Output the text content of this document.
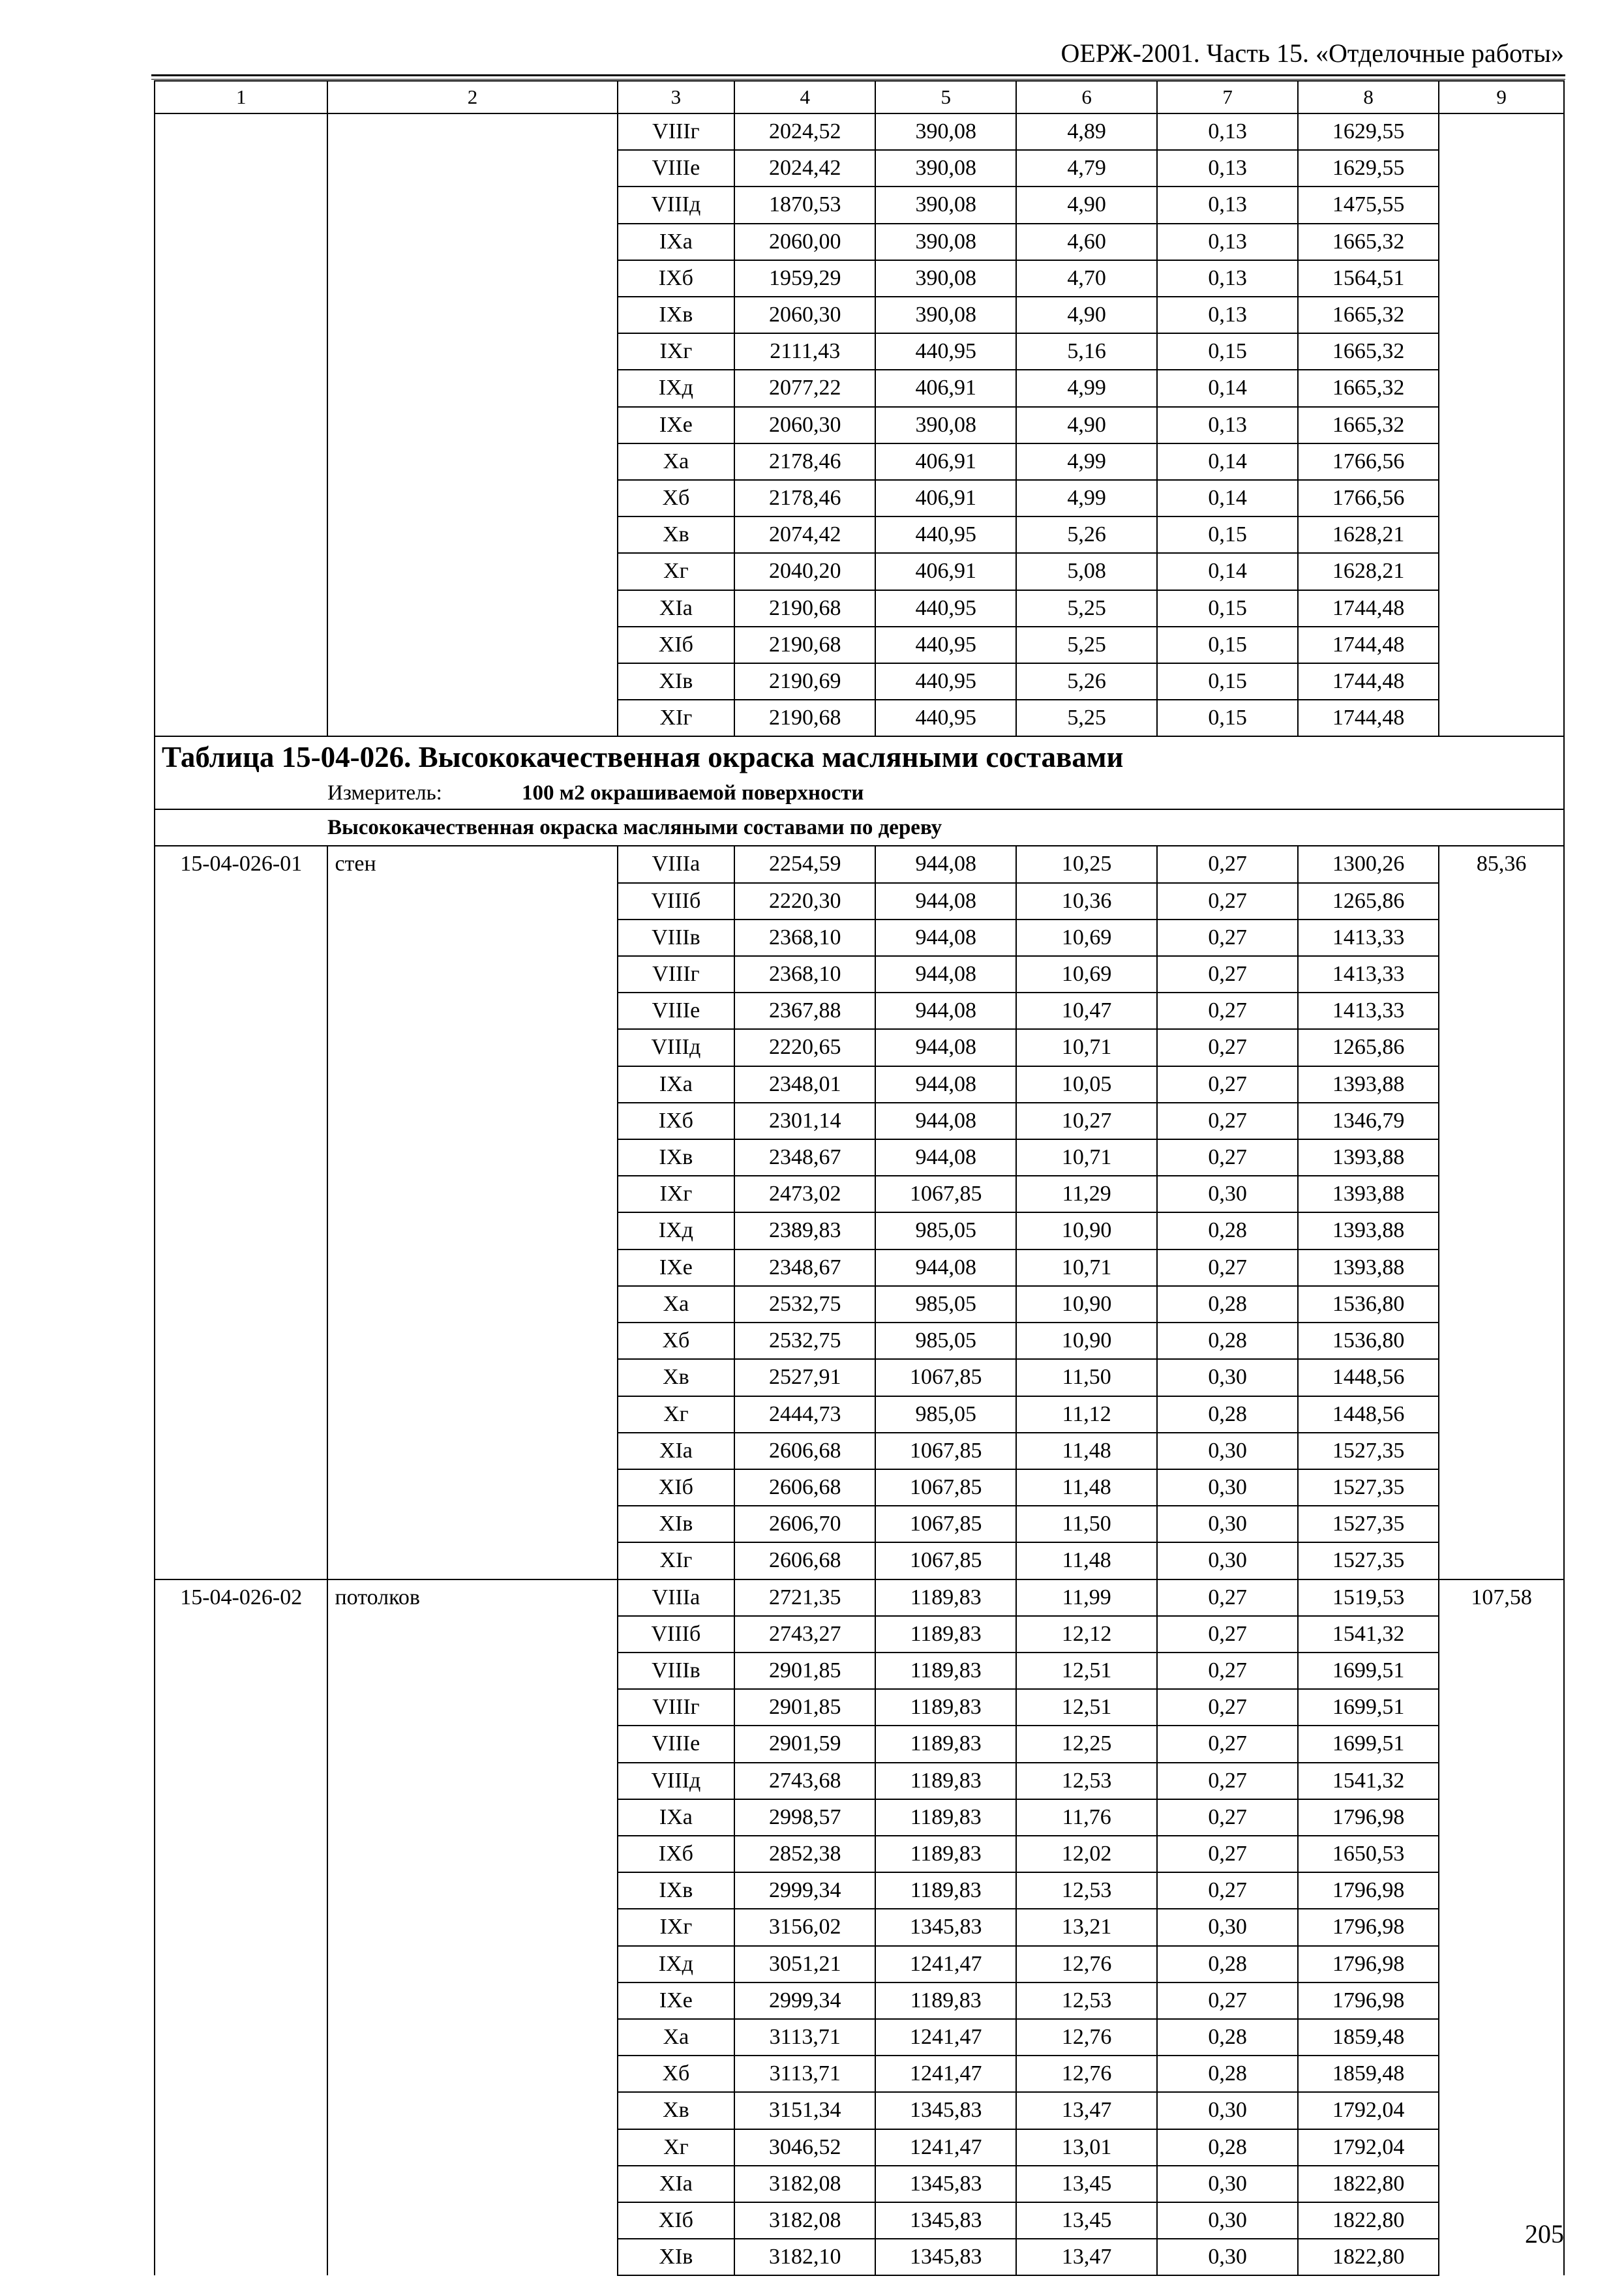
ОЕРЖ-2001. Часть 15. «Отделочные работы»
1	2	3	4	5	6	7	8	9
		VIIIг	2024,52	390,08	4,89	0,13	1629,55	
		VIIIе	2024,42	390,08	4,79	0,13	1629,55	
		VIIIд	1870,53	390,08	4,90	0,13	1475,55	
		IXа	2060,00	390,08	4,60	0,13	1665,32	
		IXб	1959,29	390,08	4,70	0,13	1564,51	
		IXв	2060,30	390,08	4,90	0,13	1665,32	
		IXг	2111,43	440,95	5,16	0,15	1665,32	
		IXд	2077,22	406,91	4,99	0,14	1665,32	
		IXе	2060,30	390,08	4,90	0,13	1665,32	
		Xа	2178,46	406,91	4,99	0,14	1766,56	
		Xб	2178,46	406,91	4,99	0,14	1766,56	
		Xв	2074,42	440,95	5,26	0,15	1628,21	
		Xг	2040,20	406,91	5,08	0,14	1628,21	
		XIа	2190,68	440,95	5,25	0,15	1744,48	
		XIб	2190,68	440,95	5,25	0,15	1744,48	
		XIв	2190,69	440,95	5,26	0,15	1744,48	
		XIг	2190,68	440,95	5,25	0,15	1744,48	
Таблица 15-04-026. Высококачественная окраска масляными составами								
Измеритель: 100 м2 окрашиваемой поверхности								
Высококачественная окраска масляными составами по дереву								
15-04-026-01	стен	VIIIа	2254,59	944,08	10,25	0,27	1300,26	85,36
		VIIIб	2220,30	944,08	10,36	0,27	1265,86	
		VIIIв	2368,10	944,08	10,69	0,27	1413,33	
		VIIIг	2368,10	944,08	10,69	0,27	1413,33	
		VIIIе	2367,88	944,08	10,47	0,27	1413,33	
		VIIIд	2220,65	944,08	10,71	0,27	1265,86	
		IXа	2348,01	944,08	10,05	0,27	1393,88	
		IXб	2301,14	944,08	10,27	0,27	1346,79	
		IXв	2348,67	944,08	10,71	0,27	1393,88	
		IXг	2473,02	1067,85	11,29	0,30	1393,88	
		IXд	2389,83	985,05	10,90	0,28	1393,88	
		IXе	2348,67	944,08	10,71	0,27	1393,88	
		Xа	2532,75	985,05	10,90	0,28	1536,80	
		Xб	2532,75	985,05	10,90	0,28	1536,80	
		Xв	2527,91	1067,85	11,50	0,30	1448,56	
		Xг	2444,73	985,05	11,12	0,28	1448,56	
		XIа	2606,68	1067,85	11,48	0,30	1527,35	
		XIб	2606,68	1067,85	11,48	0,30	1527,35	
		XIв	2606,70	1067,85	11,50	0,30	1527,35	
		XIг	2606,68	1067,85	11,48	0,30	1527,35	
15-04-026-02	потолков	VIIIа	2721,35	1189,83	11,99	0,27	1519,53	107,58
		VIIIб	2743,27	1189,83	12,12	0,27	1541,32	
		VIIIв	2901,85	1189,83	12,51	0,27	1699,51	
		VIIIг	2901,85	1189,83	12,51	0,27	1699,51	
		VIIIе	2901,59	1189,83	12,25	0,27	1699,51	
		VIIIд	2743,68	1189,83	12,53	0,27	1541,32	
		IXа	2998,57	1189,83	11,76	0,27	1796,98	
		IXб	2852,38	1189,83	12,02	0,27	1650,53	
		IXв	2999,34	1189,83	12,53	0,27	1796,98	
		IXг	3156,02	1345,83	13,21	0,30	1796,98	
		IXд	3051,21	1241,47	12,76	0,28	1796,98	
		IXе	2999,34	1189,83	12,53	0,27	1796,98	
		Xа	3113,71	1241,47	12,76	0,28	1859,48	
		Xб	3113,71	1241,47	12,76	0,28	1859,48	
		Xв	3151,34	1345,83	13,47	0,30	1792,04	
		Xг	3046,52	1241,47	13,01	0,28	1792,04	
		XIа	3182,08	1345,83	13,45	0,30	1822,80	
		XIб	3182,08	1345,83	13,45	0,30	1822,80	
		XIв	3182,10	1345,83	13,47	0,30	1822,80	
205
